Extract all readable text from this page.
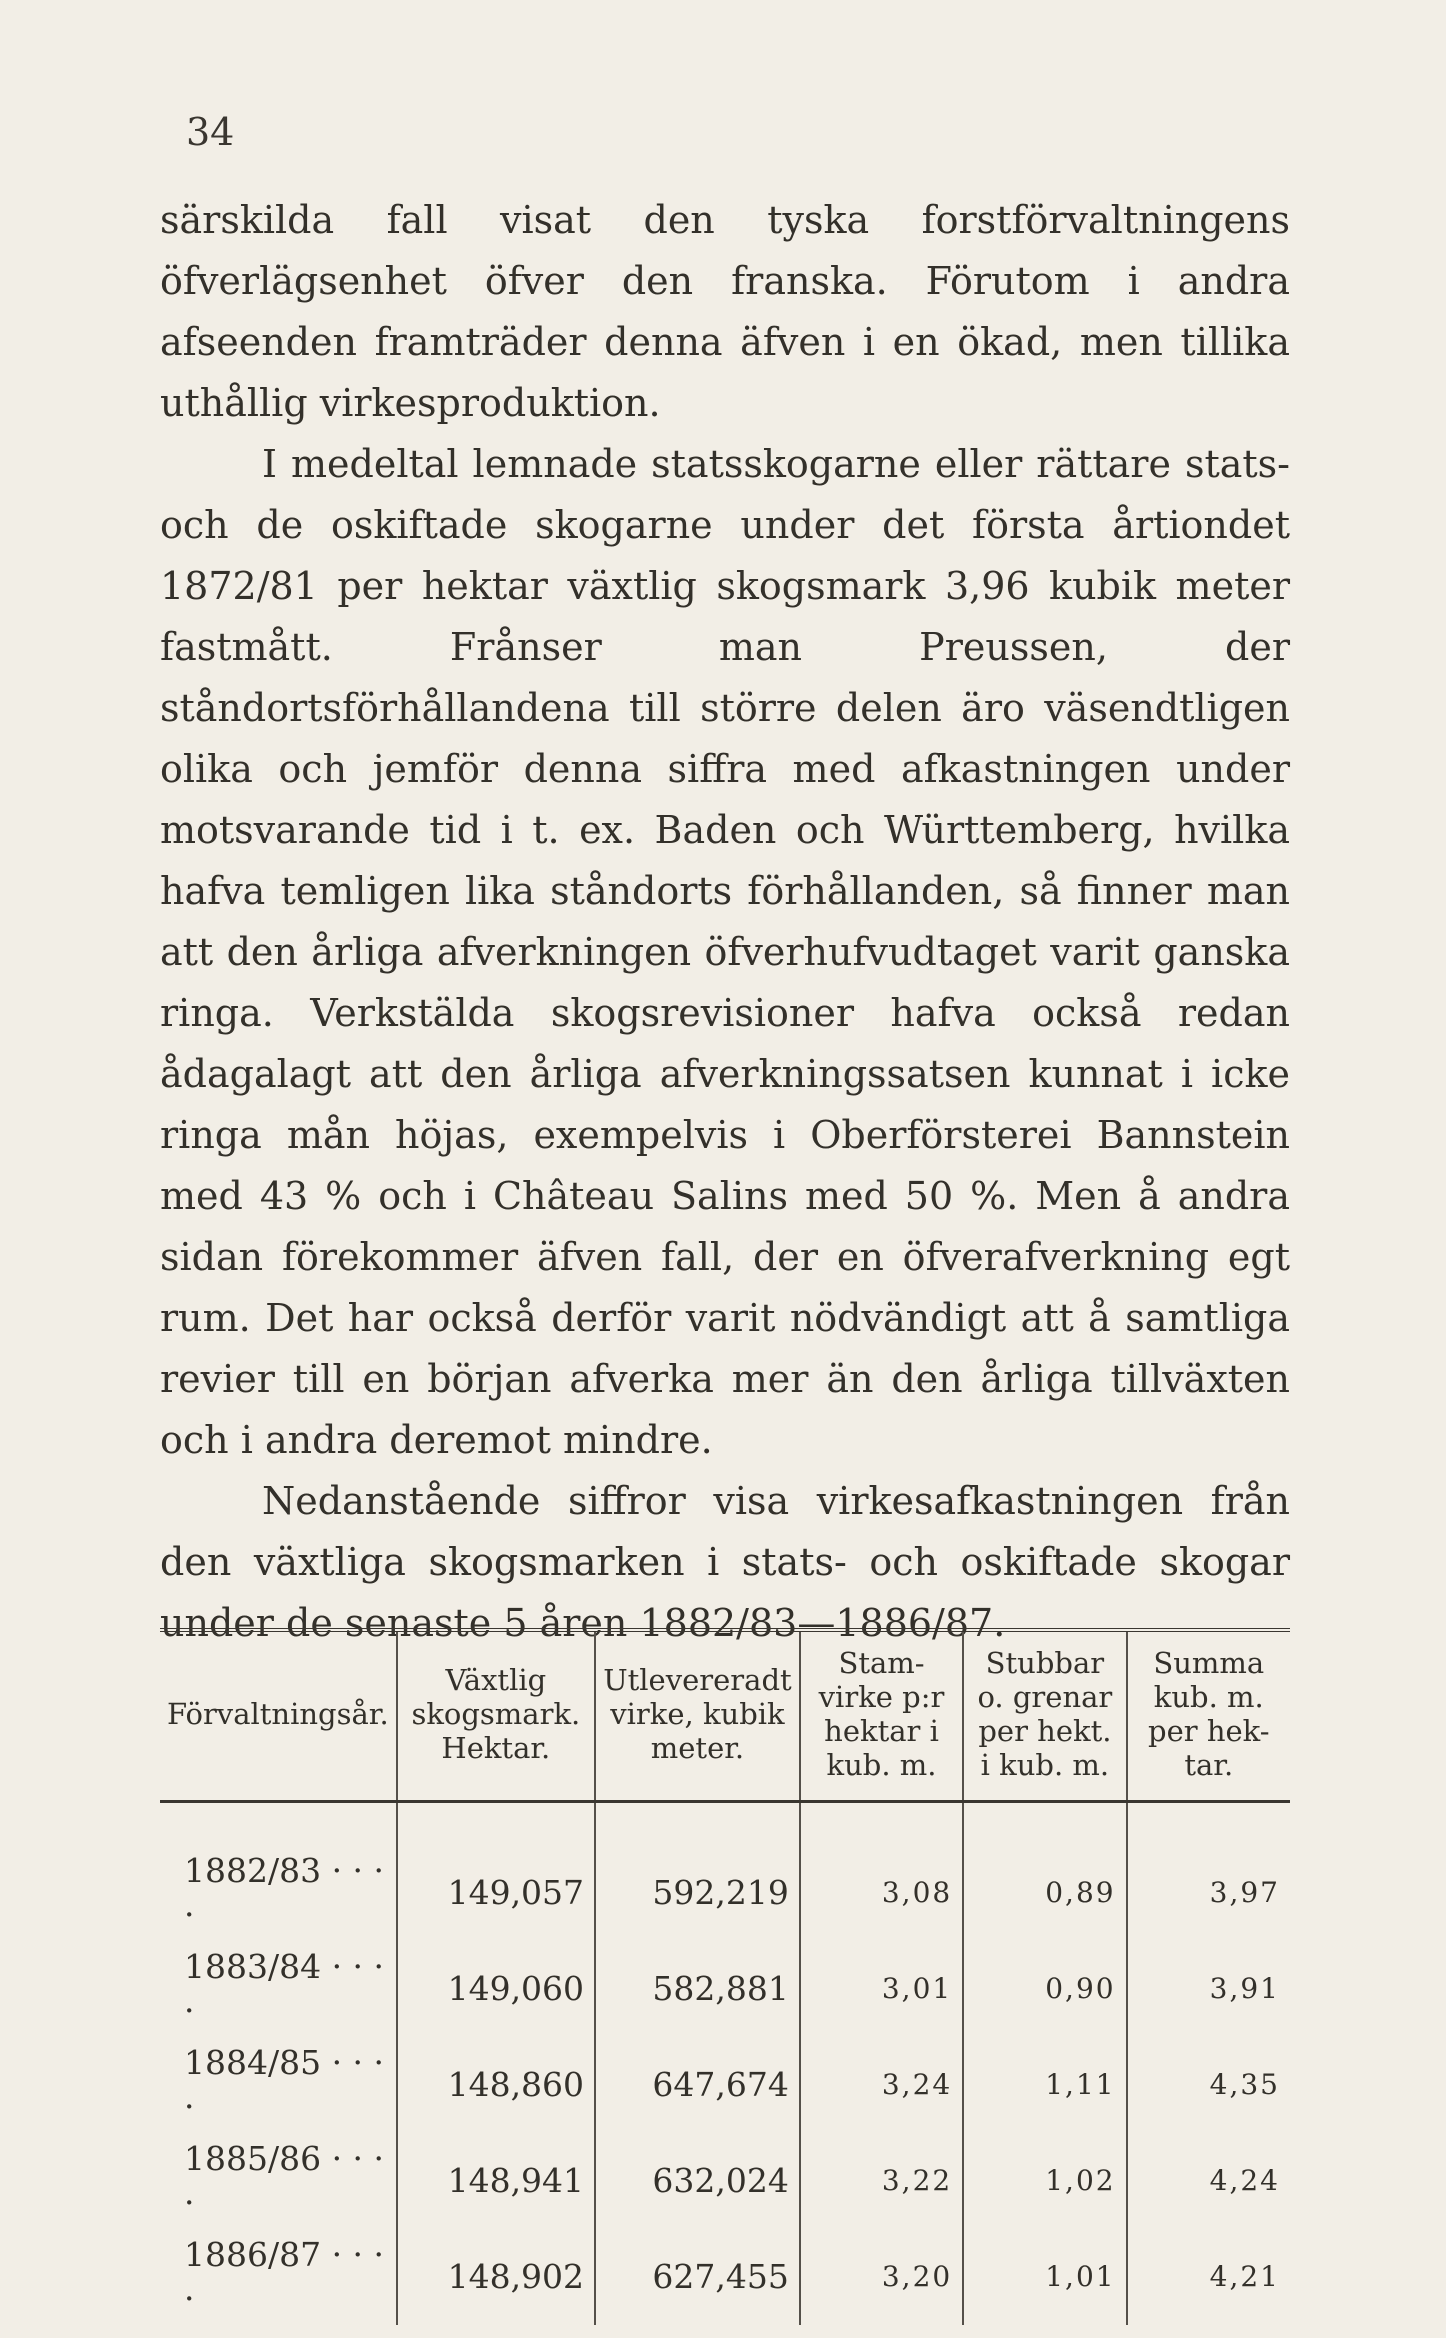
34

särskilda fall visat den tyska forstförvaltningens öfverlägsenhet öfver den franska. Förutom i andra afseenden framträder denna äfven i en ökad, men tillika uthållig virkesproduktion.

I medeltal lemnade statsskogarne eller rättare stats- och de oskiftade skogarne under det första årtiondet 1872/81 per hektar växtlig skogsmark 3,96 kubik meter fastmått. Frånser man Preussen, der ståndortsförhållandena till större delen äro väsendtligen olika och jemför denna siffra med afkastningen under motsvarande tid i t. ex. Baden och Württemberg, hvilka hafva temligen lika ståndorts förhållanden, så finner man att den årliga afverkningen öfverhufvudtaget varit ganska ringa. Verkstälda skogsrevisioner hafva också redan ådagalagt att den årliga afverkningssatsen kunnat i icke ringa mån höjas, exempelvis i Oberförsterei Bannstein med 43 % och i Château Salins med 50 %. Men å andra sidan förekommer äfven fall, der en öfverafverkning egt rum. Det har också derför varit nödvändigt att å samtliga revier till en början afverka mer än den årliga tillväxten och i andra deremot mindre.

Nedanstående siffror visa virkesafkastningen från den växtliga skogsmarken i stats- och oskiftade skogar under de senaste 5 åren 1882/83—1886/87.

Förvaltningsår.	Växtlig
skogsmark.
Hektar.	Utlevereradt
virke, kubik
meter.	Stam-
virke p:r
hektar i
kub. m.	Stubbar
o. grenar
per hekt.
i kub. m.	Summa
kub. m.
per hek-
tar.
1882/83 · · · ·	149,057	592,219	3,08	0,89	3,97
1883/84 · · · ·	149,060	582,881	3,01	0,90	3,91
1884/85 · · · ·	148,860	647,674	3,24	1,11	4,35
1885/86 · · · ·	148,941	632,024	3,22	1,02	4,24
1886/87 · · · ·	148,902	627,455	3,20	1,01	4,21
